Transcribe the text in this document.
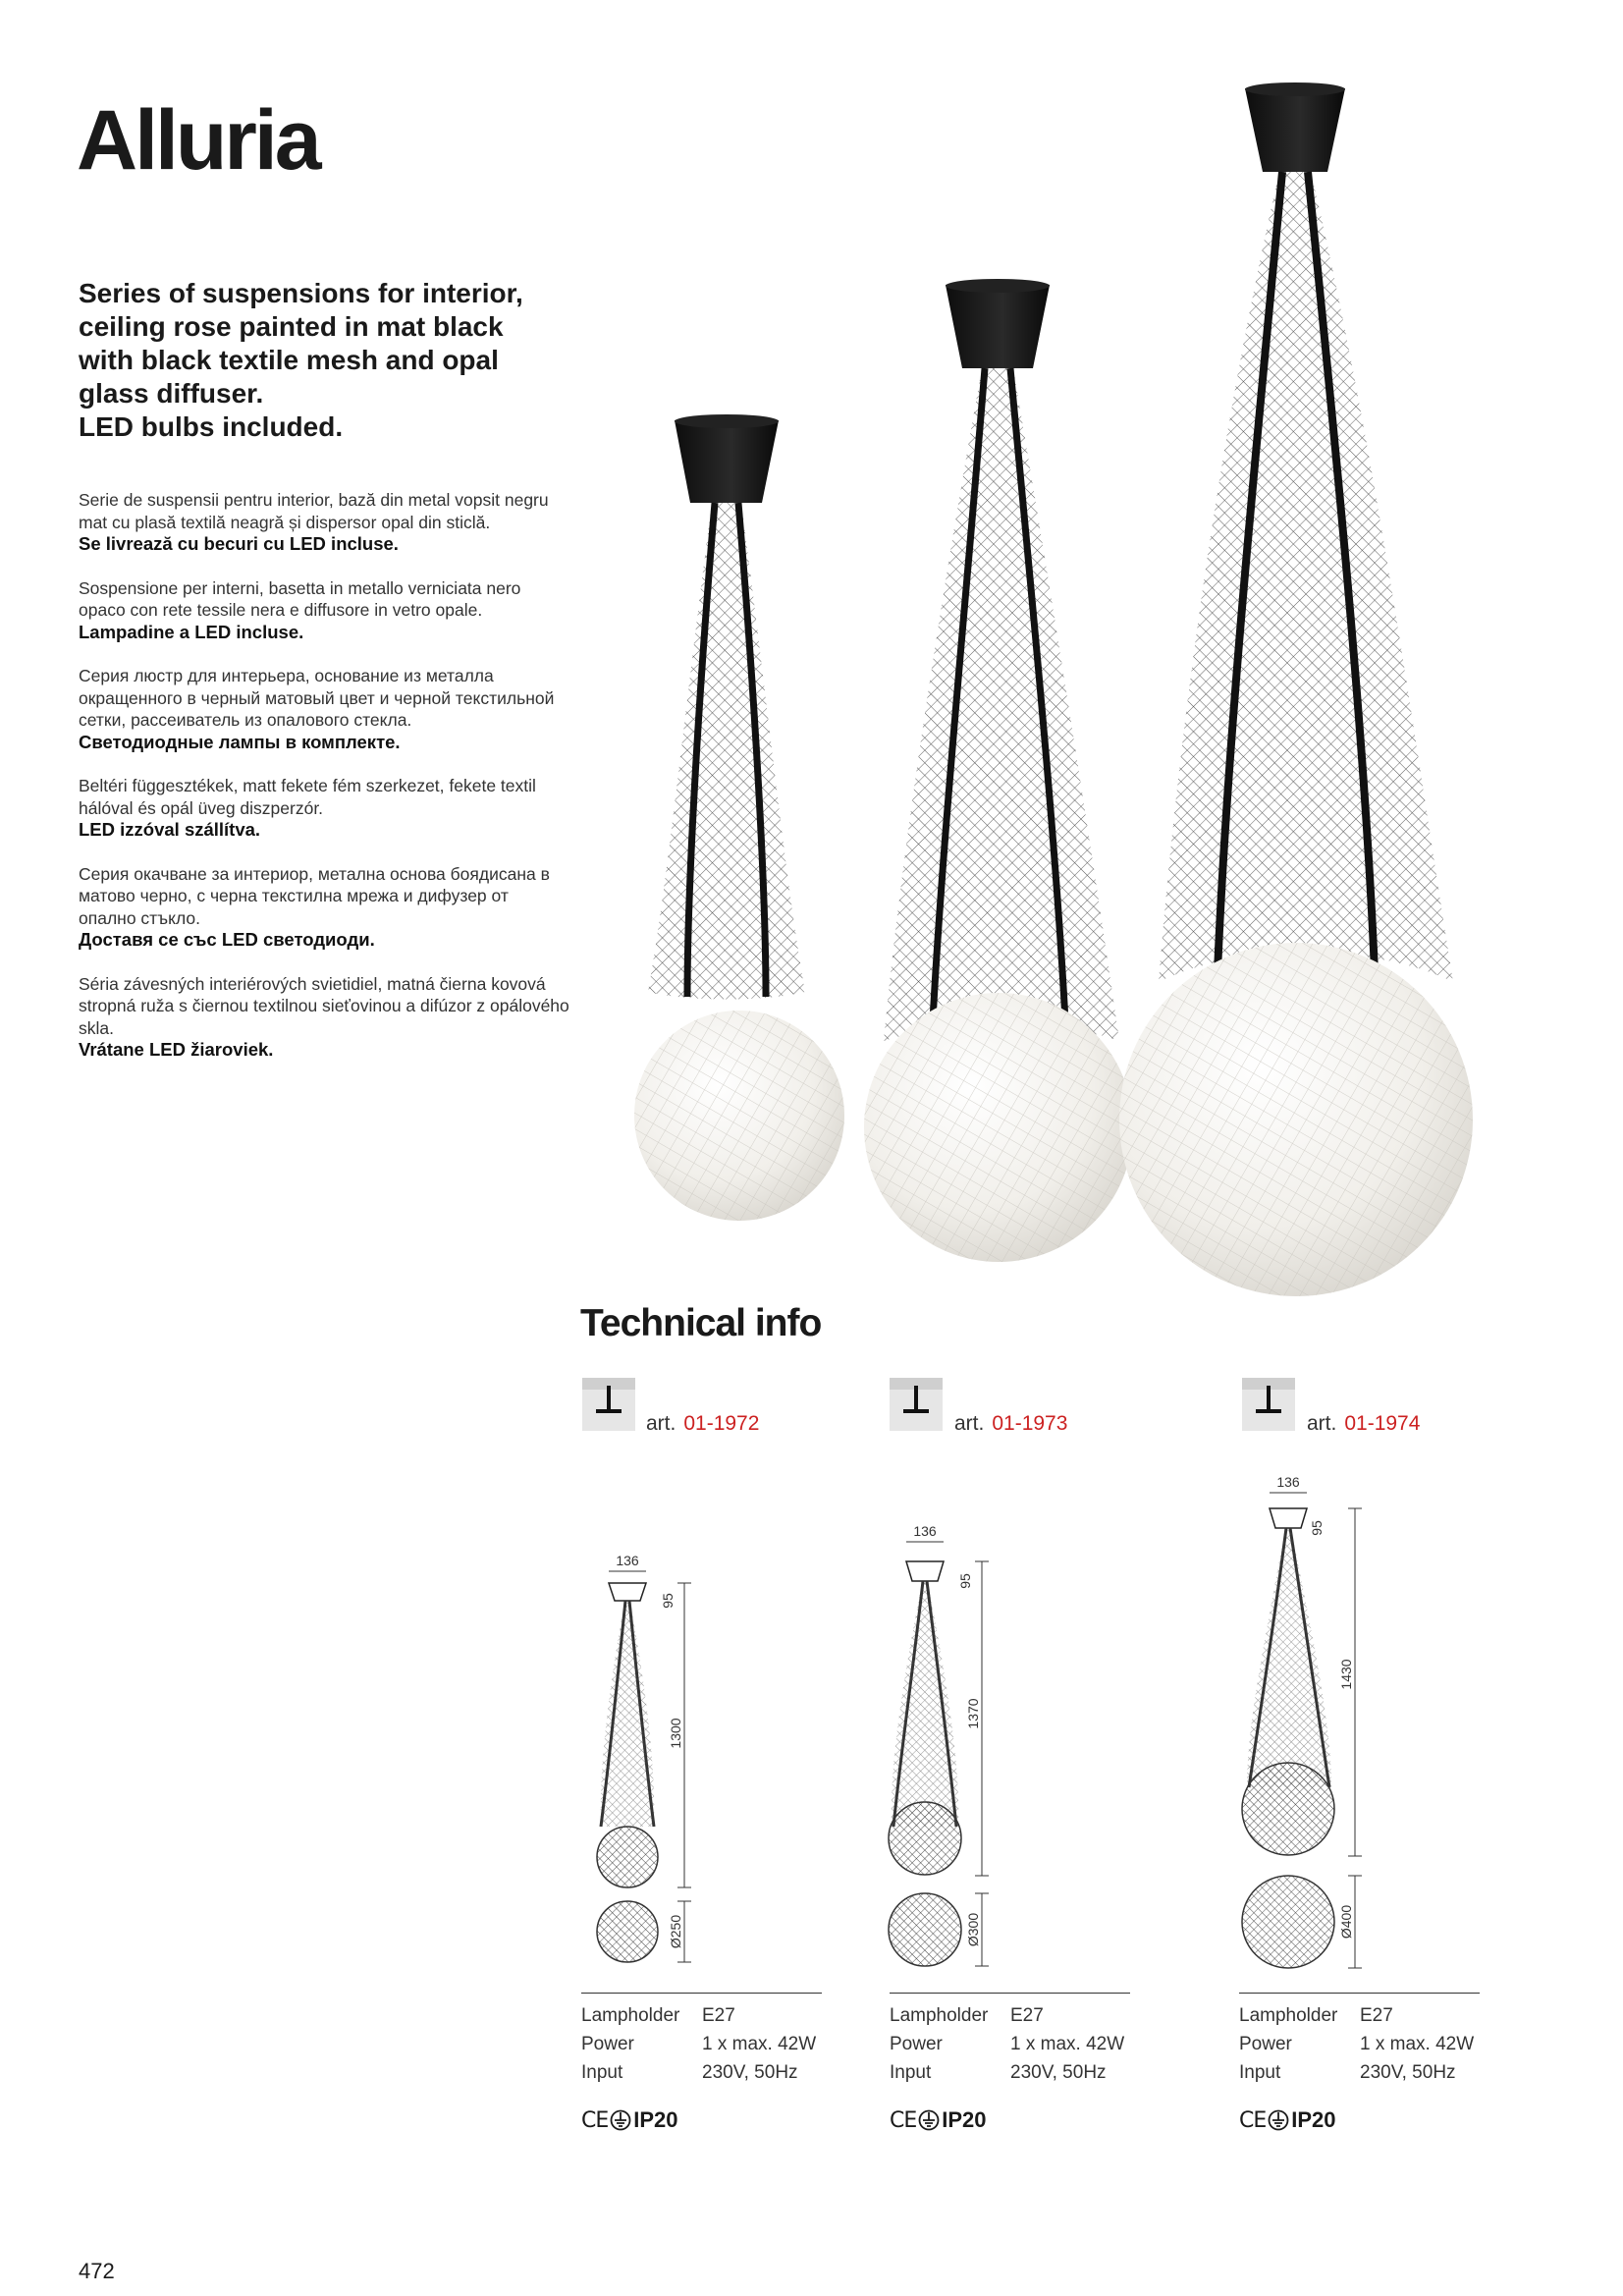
Alluria
Series of suspensions for interior,
ceiling rose painted in mat black
with black textile mesh and opal
glass diffuser.
LED bulbs included.
Serie de suspensii pentru interior, bază din metal vopsit negru mat cu plasă textilă neagră și dispersor opal din sticlă.
Se livrează cu becuri cu LED incluse.
Sospensione per interni, basetta in metallo verniciata nero opaco con rete tessile nera e diffusore in vetro opale.
Lampadine a LED incluse.
Серия люстр для интерьера, основание из металла окращенного в черный матовый цвет и черной текстильной сетки, рассеиватель из опалового стекла.
Светодиодные лампы в комплекте.
Beltéri függesztékek, matt fekete fém szerkezet, fekete textil hálóval és opál üveg diszperzór.
LED izzóval szállítva.
Серия окачване за интериор, метална основа боядисана в матово черно, с черна текстилна мрежа и дифузер от опално стъкло.
Доставя се със LED светодиоди.
Séria závesných interiérových svietidiel, matná čierna kovová stropná ruža s čiernou textilnou sieťovinou a difúzor z opálového skla.
Vrátane LED žiaroviek.
Technical info
art. 01-1972
136
95
1300
Ø250
Lampholder	E27
Power	1 x max. 42W
Input	230V, 50Hz
CE IP20
art. 01-1973
136
95
1370
Ø300
Lampholder	E27
Power	1 x max. 42W
Input	230V, 50Hz
CE IP20
art. 01-1974
136
95
1430
Ø400
Lampholder	E27
Power	1 x max. 42W
Input	230V, 50Hz
CE IP20
472
